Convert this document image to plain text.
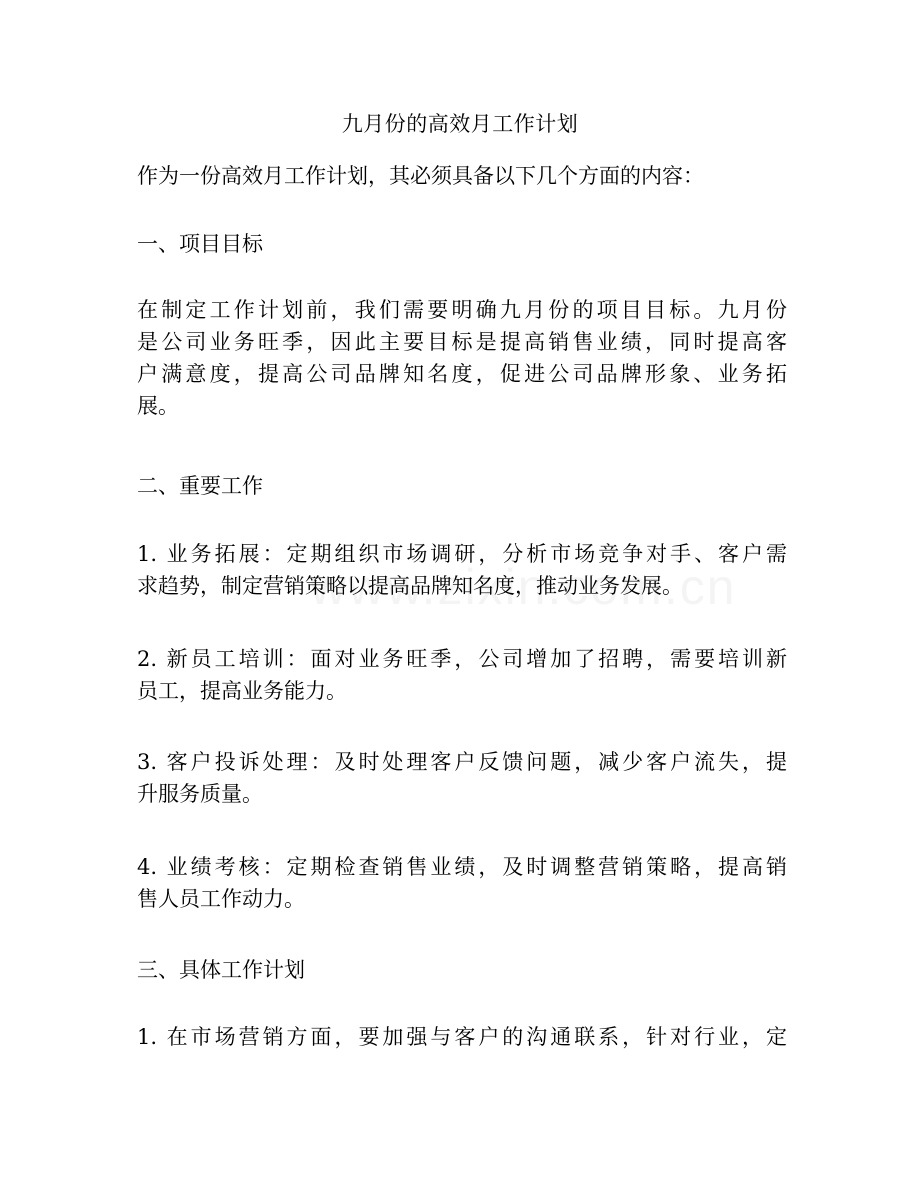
九月份的高效月工作计划
作为一份高效月工作计划，其必须具备以下几个方面的内容：
一、项目目标
在制定工作计划前，我们需要明确九月份的项目目标。九月份
是公司业务旺季，因此主要目标是提高销售业绩，同时提高客
户满意度，提高公司品牌知名度，促进公司品牌形象、业务拓
展。
二、重要工作
1. 业务拓展：定期组织市场调研，分析市场竞争对手、客户需
求趋势，制定营销策略以提高品牌知名度，推动业务发展。
2. 新员工培训：面对业务旺季，公司增加了招聘，需要培训新
员工，提高业务能力。
3. 客户投诉处理：及时处理客户反馈问题，减少客户流失，提
升服务质量。
4. 业绩考核：定期检查销售业绩，及时调整营销策略，提高销
售人员工作动力。
三、具体工作计划
1. 在市场营销方面，要加强与客户的沟通联系，针对行业，定
